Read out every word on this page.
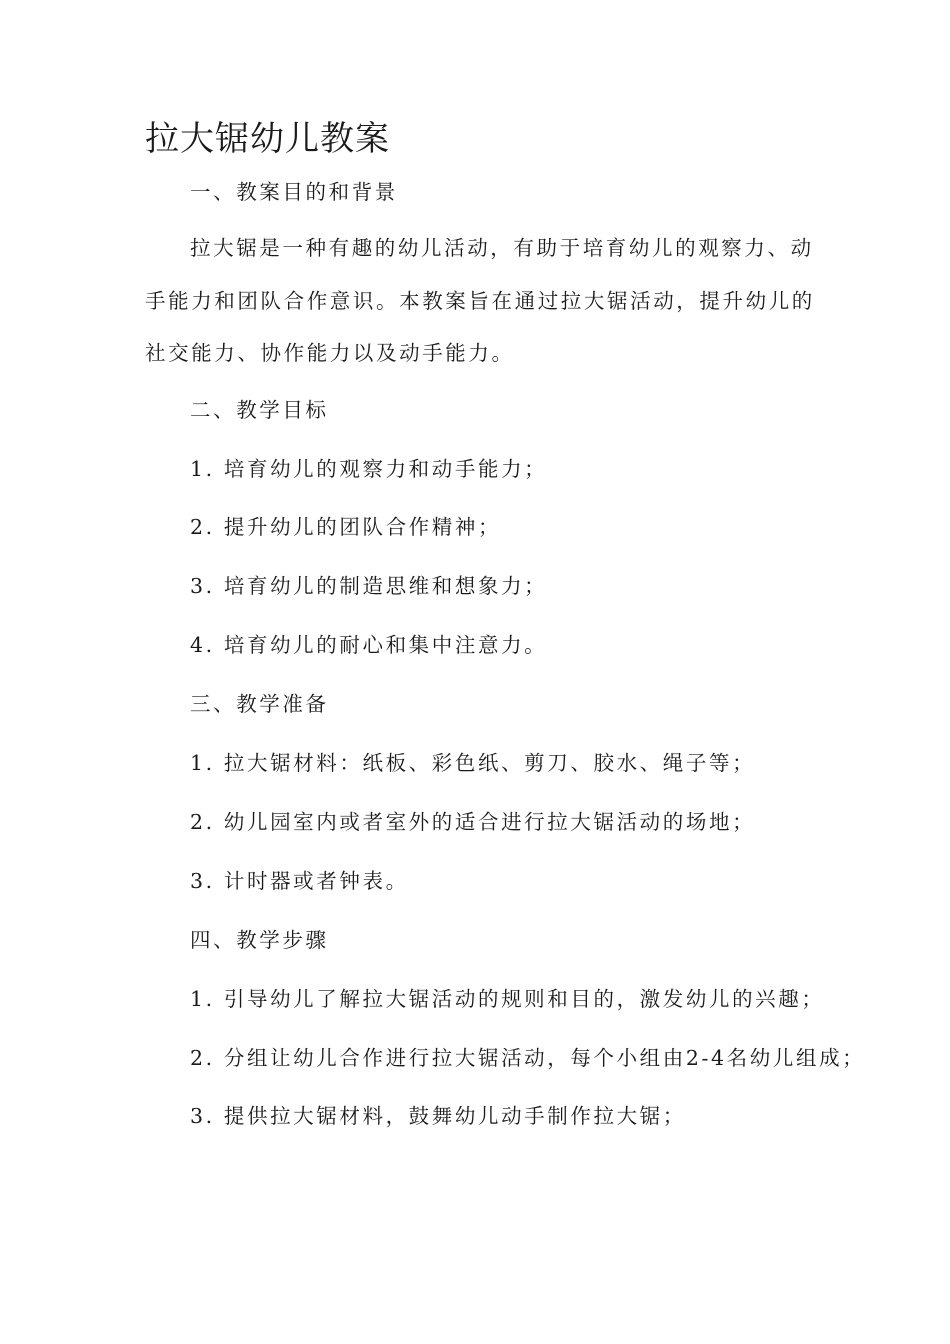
拉大锯幼儿教案

一、教案目的和背景

拉大锯是一种有趣的幼儿活动，有助于培育幼儿的观察力、动

手能力和团队合作意识。本教案旨在通过拉大锯活动，提升幼儿的

社交能力、协作能力以及动手能力。

二、教学目标

1. 培育幼儿的观察力和动手能力；

2. 提升幼儿的团队合作精神；

3. 培育幼儿的制造思维和想象力；

4. 培育幼儿的耐心和集中注意力。

三、教学准备

1. 拉大锯材料：纸板、彩色纸、剪刀、胶水、绳子等；

2. 幼儿园室内或者室外的适合进行拉大锯活动的场地；

3. 计时器或者钟表。

四、教学步骤

1. 引导幼儿了解拉大锯活动的规则和目的，激发幼儿的兴趣；

2. 分组让幼儿合作进行拉大锯活动，每个小组由2-4名幼儿组成；

3. 提供拉大锯材料，鼓舞幼儿动手制作拉大锯；
